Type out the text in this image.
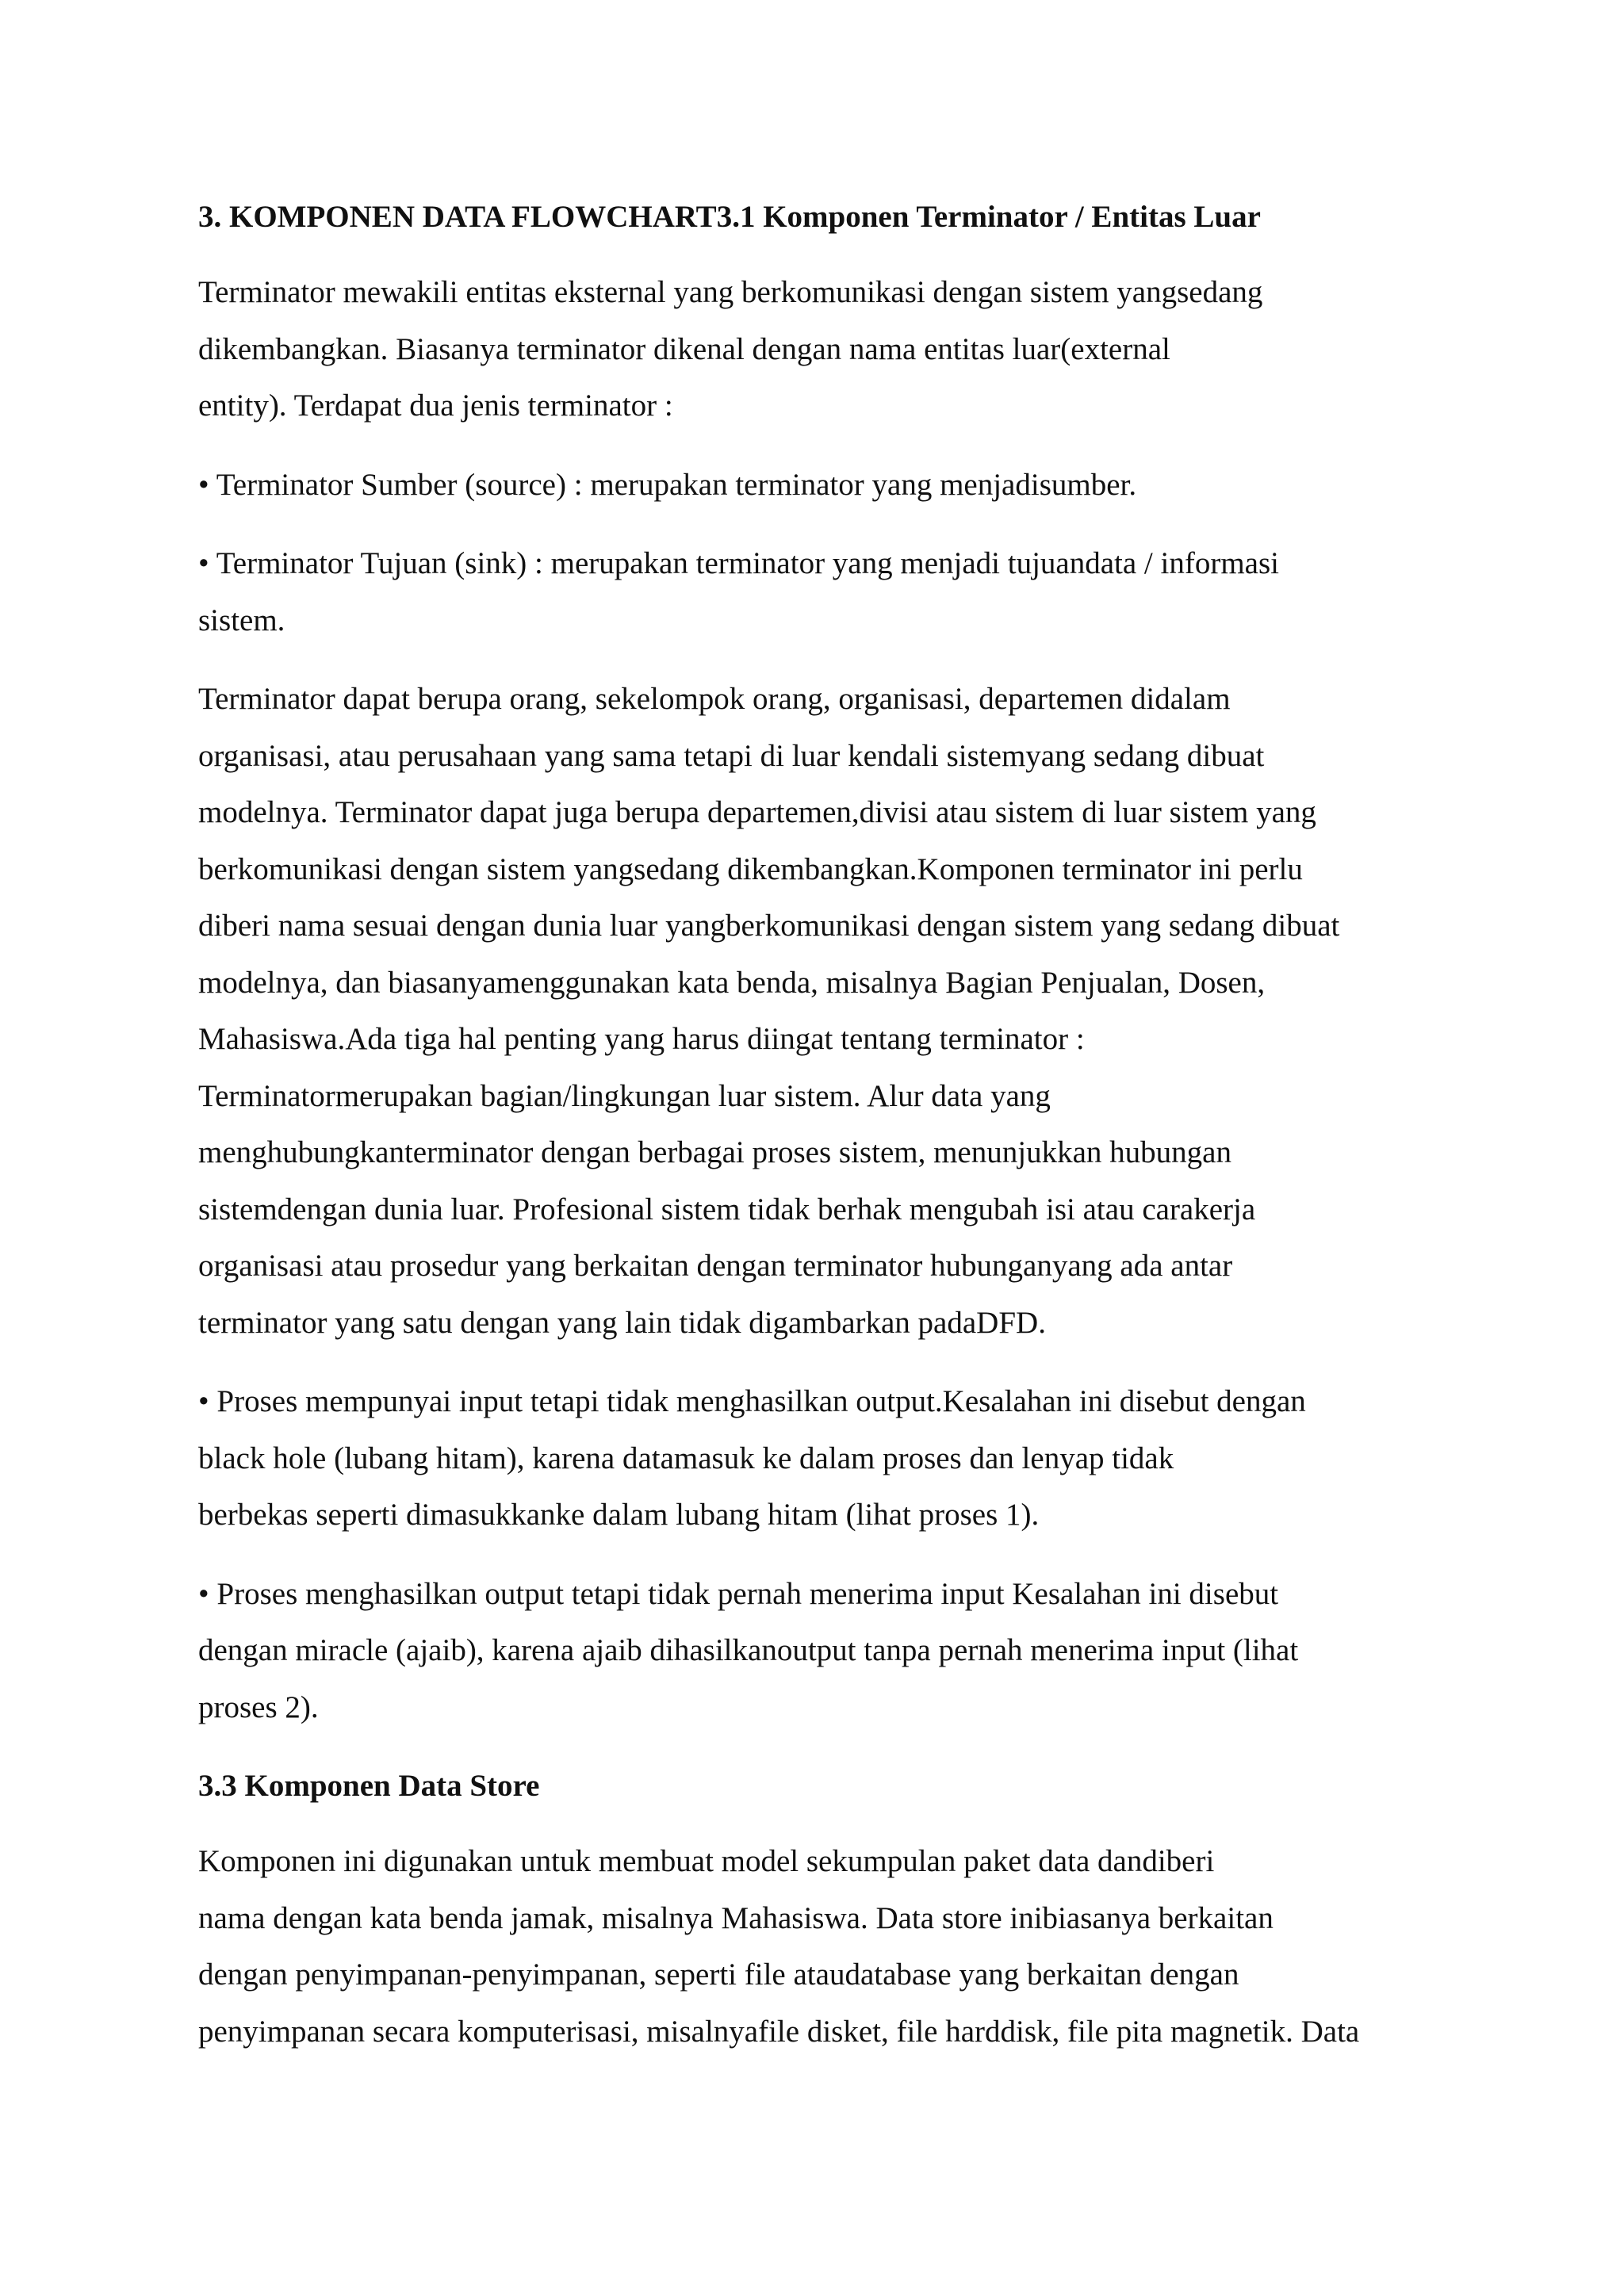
3. KOMPONEN DATA FLOWCHART3.1 Komponen Terminator / Entitas Luar

Terminator mewakili entitas eksternal yang berkomunikasi dengan sistem yangsedang
dikembangkan. Biasanya terminator dikenal dengan nama entitas luar(external
entity). Terdapat dua jenis terminator :

• Terminator Sumber (source) : merupakan terminator yang menjadisumber.

• Terminator Tujuan (sink) : merupakan terminator yang menjadi tujuandata / informasi
sistem.

Terminator dapat berupa orang, sekelompok orang, organisasi, departemen didalam
organisasi, atau perusahaan yang sama tetapi di luar kendali sistemyang sedang dibuat
modelnya. Terminator dapat juga berupa departemen,divisi atau sistem di luar sistem yang
berkomunikasi dengan sistem yangsedang dikembangkan.Komponen terminator ini perlu
diberi nama sesuai dengan dunia luar yangberkomunikasi dengan sistem yang sedang dibuat
modelnya, dan biasanyamenggunakan kata benda, misalnya Bagian Penjualan, Dosen,
Mahasiswa.Ada tiga hal penting yang harus diingat tentang terminator :
Terminatormerupakan bagian/lingkungan luar sistem. Alur data yang
menghubungkanterminator dengan berbagai proses sistem, menunjukkan hubungan
sistemdengan dunia luar. Profesional sistem tidak berhak mengubah isi atau carakerja
organisasi atau prosedur yang berkaitan dengan terminator hubunganyang ada antar
terminator yang satu dengan yang lain tidak digambarkan padaDFD.

• Proses mempunyai input tetapi tidak menghasilkan output.Kesalahan ini disebut dengan
black hole (lubang hitam), karena datamasuk ke dalam proses dan lenyap tidak
berbekas seperti dimasukkanke dalam lubang hitam (lihat proses 1).

• Proses menghasilkan output tetapi tidak pernah menerima input Kesalahan ini disebut
dengan miracle (ajaib), karena ajaib dihasilkanoutput tanpa pernah menerima input (lihat
proses 2).

3.3 Komponen Data Store

Komponen ini digunakan untuk membuat model sekumpulan paket data dandiberi
nama dengan kata benda jamak, misalnya Mahasiswa. Data store inibiasanya berkaitan
dengan penyimpanan-penyimpanan, seperti file ataudatabase yang berkaitan dengan
penyimpanan secara komputerisasi, misalnyafile disket, file harddisk, file pita magnetik. Data
